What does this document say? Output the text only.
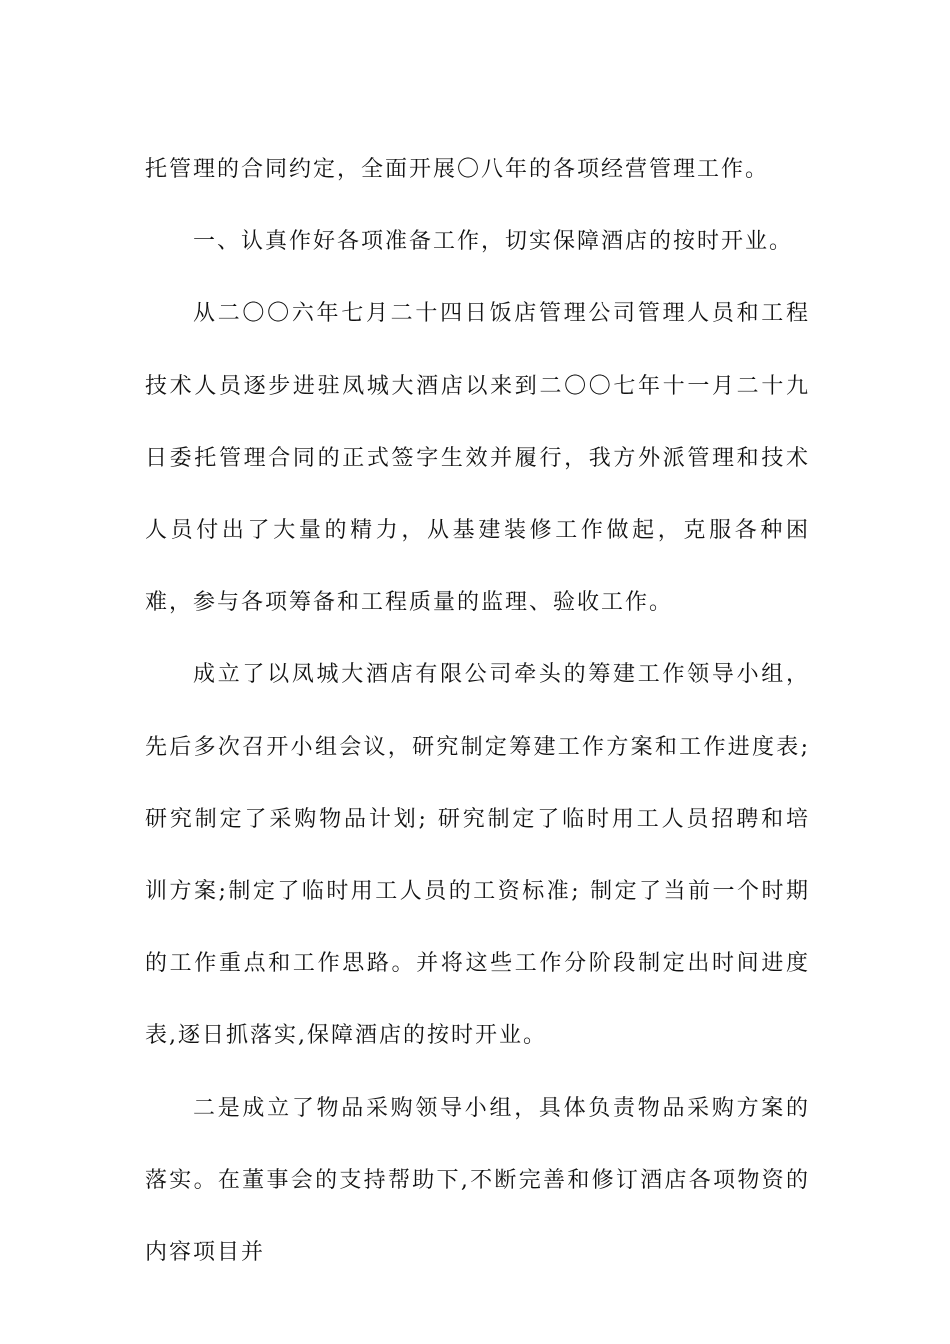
托管理的合同约定，全面开展〇八年的各项经营管理工作。

一、认真作好各项准备工作，切实保障酒店的按时开业。

从二〇〇六年七月二十四日饭店管理公司管理人员和工程技术人员逐步进驻凤城大酒店以来到二〇〇七年十一月二十九日委托管理合同的正式签字生效并履行，我方外派管理和技术人员付出了大量的精力，从基建装修工作做起，克服各种困难，参与各项筹备和工程质量的监理、验收工作。

成立了以凤城大酒店有限公司牵头的筹建工作领导小组，先后多次召开小组会议，研究制定筹建工作方案和工作进度表;研究制定了采购物品计划; 研究制定了临时用工人员招聘和培训方案;制定了临时用工人员的工资标准; 制定了当前一个时期的工作重点和工作思路。并将这些工作分阶段制定出时间进度表,逐日抓落实,保障酒店的按时开业。

二是成立了物品采购领导小组，具体负责物品采购方案的落实。在董事会的支持帮助下,不断完善和修订酒店各项物资的内容项目并
